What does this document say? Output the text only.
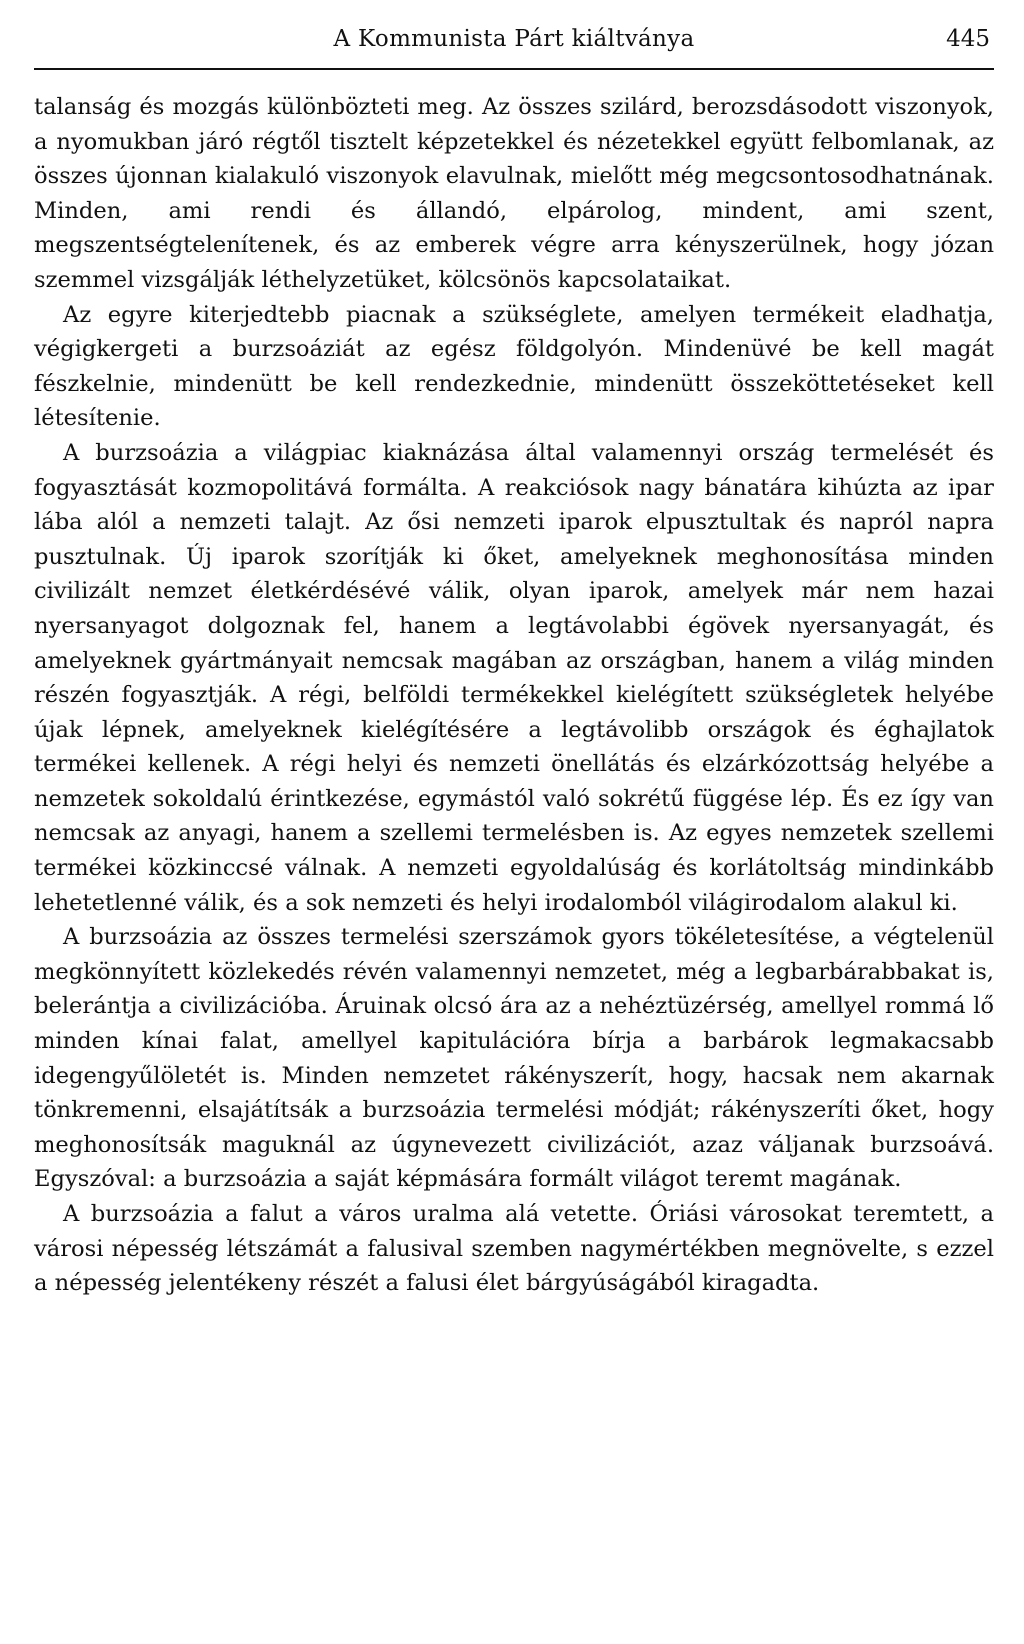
A Kommunista Párt kiáltványa	445

talanság és mozgás különbözteti meg. Az összes szilárd, berozsdásodott viszonyok, a nyomukban járó régtől tisztelt képzetekkel és nézetekkel együtt felbomlanak, az összes újonnan kialakuló viszonyok elavulnak, mielőtt még megcsontosodhatnának. Minden, ami rendi és állandó, elpárolog, mindent, ami szent, megszentségtelenítenek, és az emberek végre arra kényszerülnek, hogy józan szemmel vizsgálják léthelyzetüket, kölcsönös kapcsolataikat.

Az egyre kiterjedtebb piacnak a szükséglete, amelyen termékeit eladhatja, végigkergeti a burzsoáziát az egész földgolyón. Mindenüvé be kell magát fészkelnie, mindenütt be kell rendezkednie, mindenütt összeköttetéseket kell létesítenie.

A burzsoázia a világpiac kiaknázása által valamennyi ország termelését és fogyasztását kozmopolitává formálta. A reakciósok nagy bánatára kihúzta az ipar lába alól a nemzeti talajt. Az ősi nemzeti iparok elpusztultak és napról napra pusztulnak. Új iparok szorítják ki őket, amelyeknek meghonosítása minden civilizált nemzet életkérdésévé válik, olyan iparok, amelyek már nem hazai nyersanyagot dolgoznak fel, hanem a legtávolabbi égövek nyersanyagát, és amelyeknek gyártmányait nemcsak magában az országban, hanem a világ minden részén fogyasztják. A régi, belföldi termékekkel kielégített szükségletek helyébe újak lépnek, amelyeknek kielégítésére a legtávolibb országok és éghajlatok termékei kellenek. A régi helyi és nemzeti önellátás és elzárkózottság helyébe a nemzetek sokoldalú érintkezése, egymástól való sokrétű függése lép. És ez így van nemcsak az anyagi, hanem a szellemi termelésben is. Az egyes nemzetek szellemi termékei közkinccsé válnak. A nemzeti egyoldalúság és korlátoltság mindinkább lehetetlenné válik, és a sok nemzeti és helyi irodalomból világirodalom alakul ki.

A burzsoázia az összes termelési szerszámok gyors tökéletesítése, a végtelenül megkönnyített közlekedés révén valamennyi nemzetet, még a legbarbárabbakat is, belerántja a civilizációba. Áruinak olcsó ára az a nehéztüzérség, amellyel rommá lő minden kínai falat, amellyel kapitulációra bírja a barbárok legmakacsabb idegengyűlöletét is. Minden nemzetet rákényszerít, hogy, hacsak nem akarnak tönkremenni, elsajátítsák a burzsoázia termelési módját; rákényszeríti őket, hogy meghonosítsák maguknál az úgynevezett civilizációt, azaz váljanak burzsoává. Egyszóval: a burzsoázia a saját képmására formált világot teremt magának.

A burzsoázia a falut a város uralma alá vetette. Óriási városokat teremtett, a városi népesség létszámát a falusival szemben nagymértékben megnövelte, s ezzel a népesség jelentékeny részét a falusi élet bárgyúságából kiragadta.
